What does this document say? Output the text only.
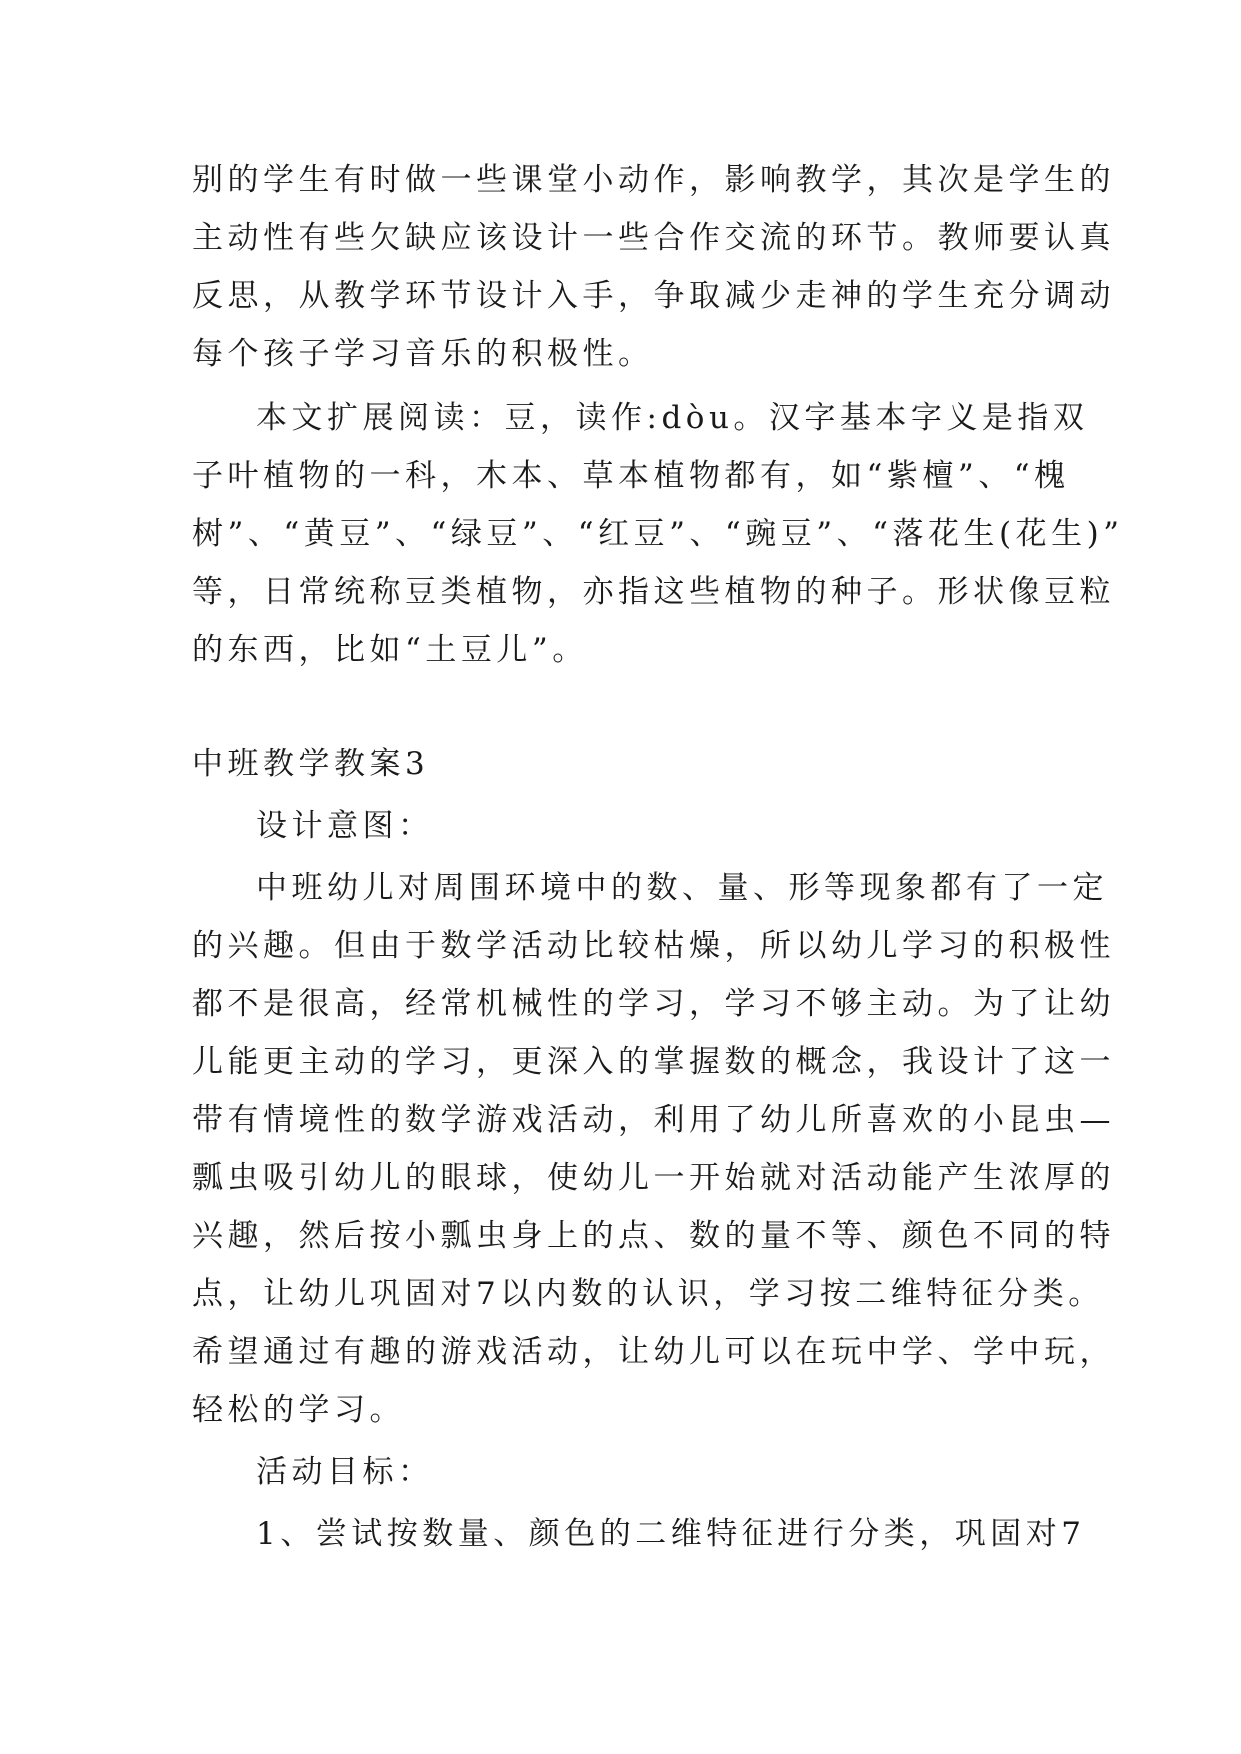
别的学生有时做一些课堂小动作，影响教学，其次是学生的
主动性有些欠缺应该设计一些合作交流的环节。教师要认真
反思，从教学环节设计入手，争取减少走神的学生充分调动
每个孩子学习音乐的积极性。
本文扩展阅读：豆，读作:dòu。汉字基本字义是指双
子叶植物的一科，木本、草本植物都有，如“紫檀”、“槐
树”、“黄豆”、“绿豆”、“红豆”、“豌豆”、“落花生(花生)”
等，日常统称豆类植物，亦指这些植物的种子。形状像豆粒
的东西，比如“土豆儿”。
中班教学教案3
设计意图：
中班幼儿对周围环境中的数、量、形等现象都有了一定
的兴趣。但由于数学活动比较枯燥，所以幼儿学习的积极性
都不是很高，经常机械性的学习，学习不够主动。为了让幼
儿能更主动的学习，更深入的掌握数的概念，我设计了这一
带有情境性的数学游戏活动，利用了幼儿所喜欢的小昆虫—
瓢虫吸引幼儿的眼球，使幼儿一开始就对活动能产生浓厚的
兴趣，然后按小瓢虫身上的点、数的量不等、颜色不同的特
点，让幼儿巩固对7以内数的认识，学习按二维特征分类。
希望通过有趣的游戏活动，让幼儿可以在玩中学、学中玩，
轻松的学习。
活动目标：
1、尝试按数量、颜色的二维特征进行分类，巩固对7
